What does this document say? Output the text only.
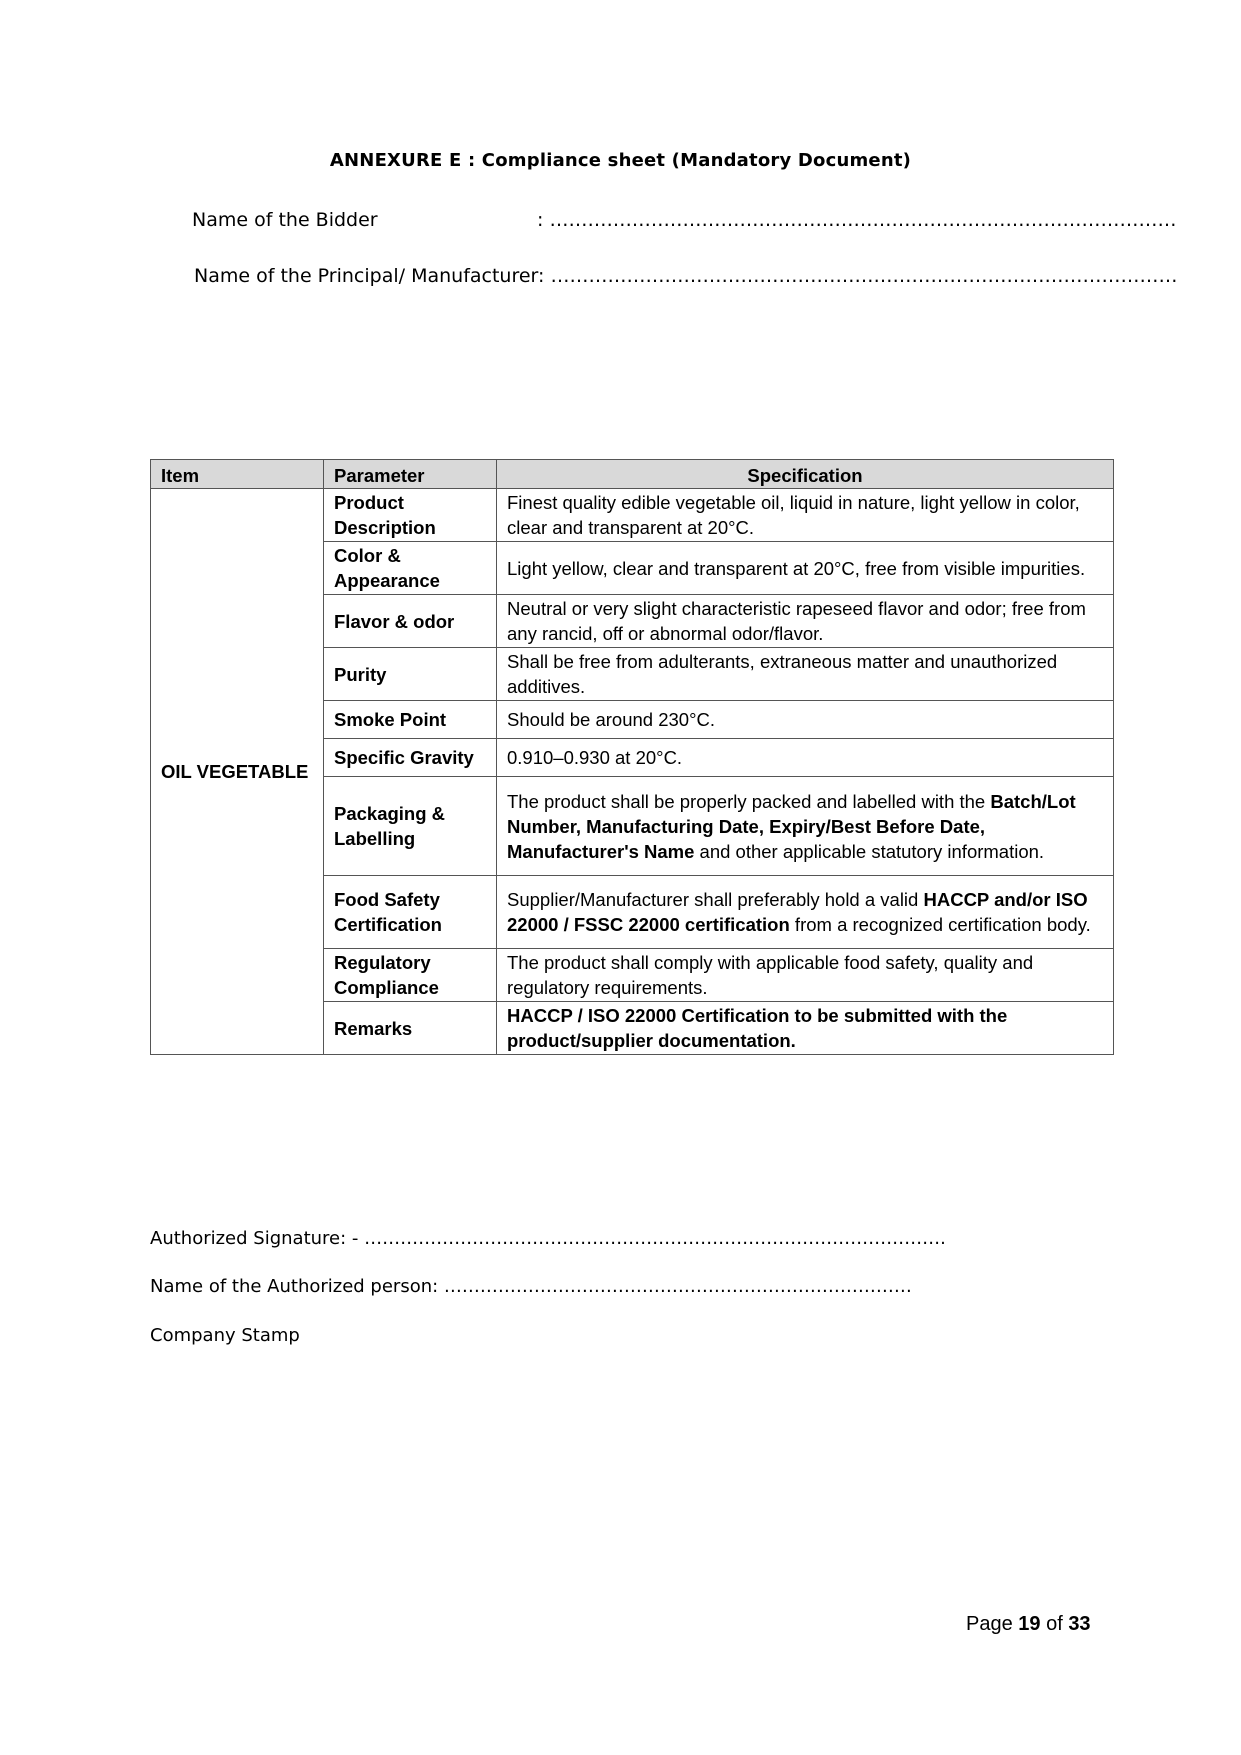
ANNEXURE E : Compliance sheet (Mandatory Document)
Name of the Bidder	: ………………………………………………………………………………………
Name of the Principal/ Manufacturer: ………………………………………………………………………………………
Item	Parameter	Specification
OIL VEGETABLE	Product Description	Finest quality edible vegetable oil, liquid in nature, light yellow in color, clear and transparent at 20°C.
	Color & Appearance	Light yellow, clear and transparent at 20°C, free from visible impurities.
	Flavor & odor	Neutral or very slight characteristic rapeseed flavor and odor; free from any rancid, off or abnormal odor/flavor.
	Purity	Shall be free from adulterants, extraneous matter and unauthorized additives.
	Smoke Point	Should be around 230°C.
	Specific Gravity	0.910–0.930 at 20°C.
	Packaging & Labelling	The product shall be properly packed and labelled with the Batch/Lot Number, Manufacturing Date, Expiry/Best Before Date, Manufacturer's Name and other applicable statutory information.
	Food Safety Certification	Supplier/Manufacturer shall preferably hold a valid HACCP and/or ISO 22000 / FSSC 22000 certification from a recognized certification body.
	Regulatory Compliance	The product shall comply with applicable food safety, quality and regulatory requirements.
	Remarks	HACCP / ISO 22000 Certification to be submitted with the product/supplier documentation.
Authorized Signature: - …………………………………………………………………………………….
Name of the Authorized person: ……………………………………………………………………
Company Stamp
Page 19 of 33
